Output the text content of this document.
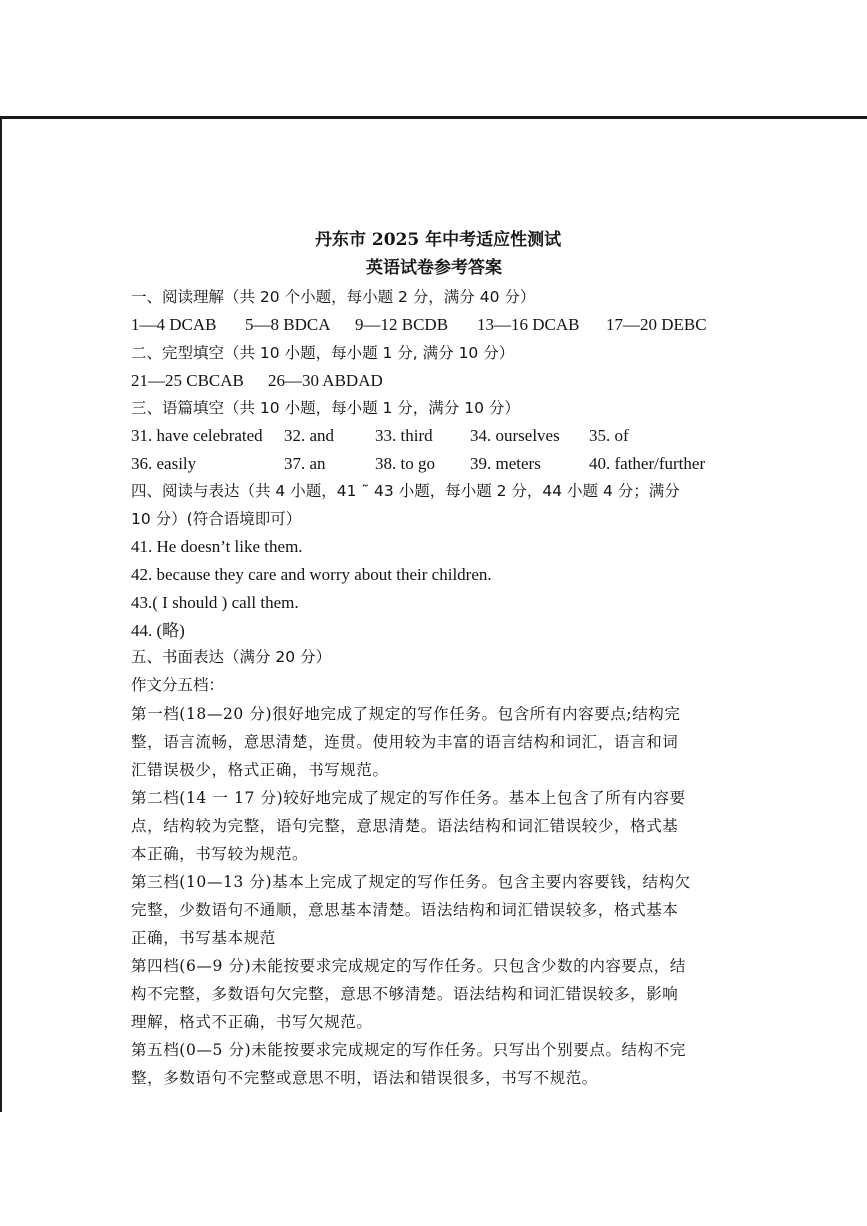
丹东市 2025 年中考适应性测试
英语试卷参考答案
一、阅读理解（共 20 个小题，每小题 2 分，满分 40 分）
1—4 DCAB 5—8 BDCA 9—12 BCDB 13—16 DCAB 17—20 DEBC
二、完型填空（共 10 小题，每小题 1 分, 满分 10 分）
21—25 CBCAB 26—30 ABDAD
三、语篇填空（共 10 小题，每小题 1 分，满分 10 分）
31. have celebrated 32. and 33. third 34. ourselves 35. of
36. easily	37. an	38. to go 39. meters	40. father/further
四、阅读与表达（共 4 小题，41 ˜ 43 小题，每小题 2 分，44 小题 4 分；满分
10 分）(符合语境即可）
41. He doesn’t like them.
42. because they care and worry about their children.
43.( I should ) call them.
44. (略)
五、书面表达（满分 20 分）
作文分五档：
第一档(18—20 分)很好地完成了规定的写作任务。包含所有内容要点;结构完
整，语言流畅，意思清楚，连贯。使用较为丰富的语言结构和词汇，语言和词
汇错误极少，格式正确，书写规范。
第二档(14 一 17 分)较好地完成了规定的写作任务。基本上包含了所有内容要
点，结构较为完整，语句完整，意思清楚。语法结构和词汇错误较少，格式基
本正确，书写较为规范。
第三档(10—13 分)基本上完成了规定的写作任务。包含主要内容要钱，结构欠
完整，少数语句不通顺，意思基本清楚。语法结构和词汇错误较多，格式基本
正确，书写基本规范
第四档(6—9 分)未能按要求完成规定的写作任务。只包含少数的内容要点，结
构不完整，多数语句欠完整，意思不够清楚。语法结构和词汇错误较多，影响
理解，格式不正确，书写欠规范。
第五档(0—5 分)未能按要求完成规定的写作任务。只写出个别要点。结构不完
整，多数语句不完整或意思不明，语法和错误很多，书写不规范。
